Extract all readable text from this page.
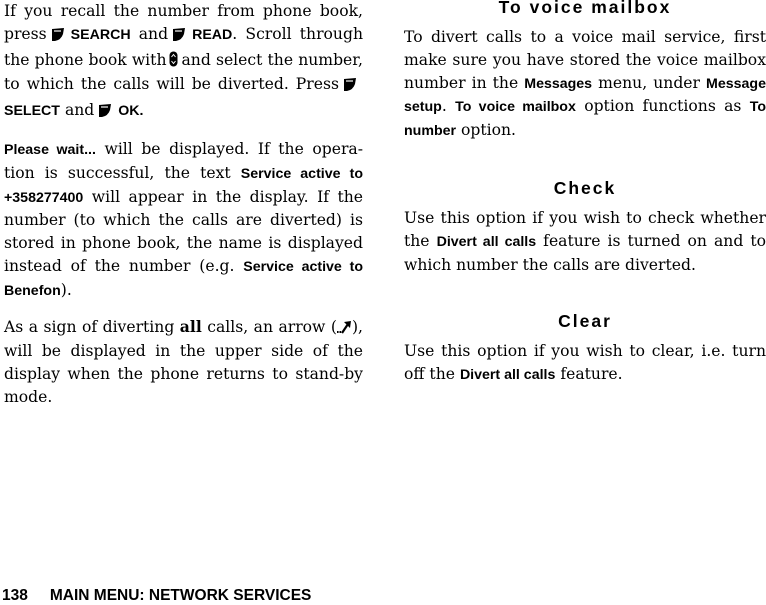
If you recall the number from phone book, press SEARCH and READ. Scroll through the phone book with and select the number, to which the calls will be diverted. PressSELECT and OK.

Please wait... will be displayed. If the operation is successful, the text Service active to +358277400 will appear in the display. If the number (to which the calls are diverted) is stored in phone book, the name is displayed instead of the number (e.g. Service active to Benefon).

As a sign of diverting all calls, an arrow ( ), will be displayed in the upper side of the display when the phone returns to stand-by mode.

To voice mailbox

To divert calls to a voice mail service, first make sure you have stored the voice mailbox number in the Messages menu, under Message setup. To voice mailbox option functions as To number option.

Check

Use this option if you wish to check whether the Divert all calls feature is turned on and to which number the calls are diverted.

Clear

Use this option if you wish to clear, i.e. turn off the Divert all calls feature.

138 MAIN MENU: NETWORK SERVICES
